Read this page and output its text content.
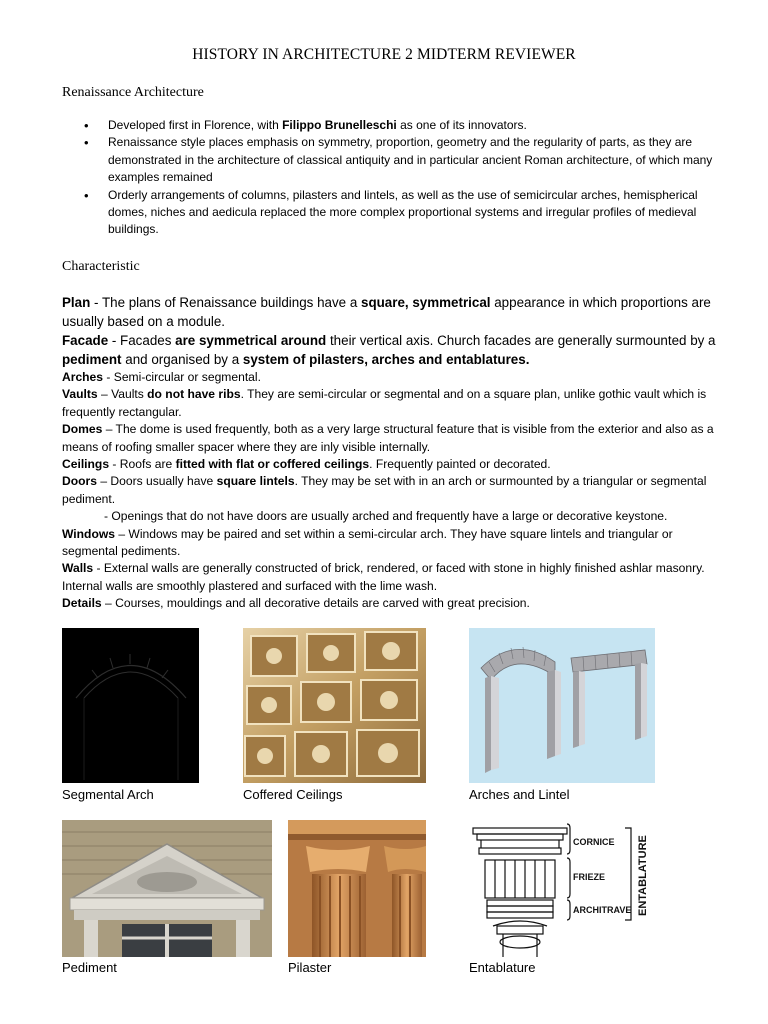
HISTORY IN ARCHITECTURE 2 MIDTERM REVIEWER
Renaissance Architecture
• Developed first in Florence, with Filippo Brunelleschi as one of its innovators.
• Renaissance style places emphasis on symmetry, proportion, geometry and the regularity of parts, as they are demonstrated in the architecture of classical antiquity and in particular ancient Roman architecture, of which many examples remained
• Orderly arrangements of columns, pilasters and lintels, as well as the use of semicircular arches, hemispherical domes, niches and aedicula replaced the more complex proportional systems and irregular profiles of medieval buildings.
Characteristic
Plan - The plans of Renaissance buildings have a square, symmetrical appearance in which proportions are usually based on a module.
Facade - Facades are symmetrical around their vertical axis. Church facades are generally surmounted by a pediment and organised by a system of pilasters, arches and entablatures.
Arches - Semi-circular or segmental.
Vaults – Vaults do not have ribs. They are semi-circular or segmental and on a square plan, unlike gothic vault which is frequently rectangular.
Domes – The dome is used frequently, both as a very large structural feature that is visible from the exterior and also as a means of roofing smaller spacer where they are inly visible internally.
Ceilings - Roofs are fitted with flat or coffered ceilings. Frequently painted or decorated.
Doors – Doors usually have square lintels. They may be set with in an arch or surmounted by a triangular or segmental pediment.
- Openings that do not have doors are usually arched and frequently have a large or decorative keystone.
Windows – Windows may be paired and set within a semi-circular arch. They have square lintels and triangular or segmental pediments.
Walls - External walls are generally constructed of brick, rendered, or faced with stone in highly finished ashlar masonry. Internal walls are smoothly plastered and surfaced with the lime wash.
Details – Courses, mouldings and all decorative details are carved with great precision.
Segmental Arch	Coffered Ceilings	Arches and Lintel
Pediment	Pilaster
CORNICE
FRIEZE
ARCHITRAVE ENTABLATURE
Entablature
